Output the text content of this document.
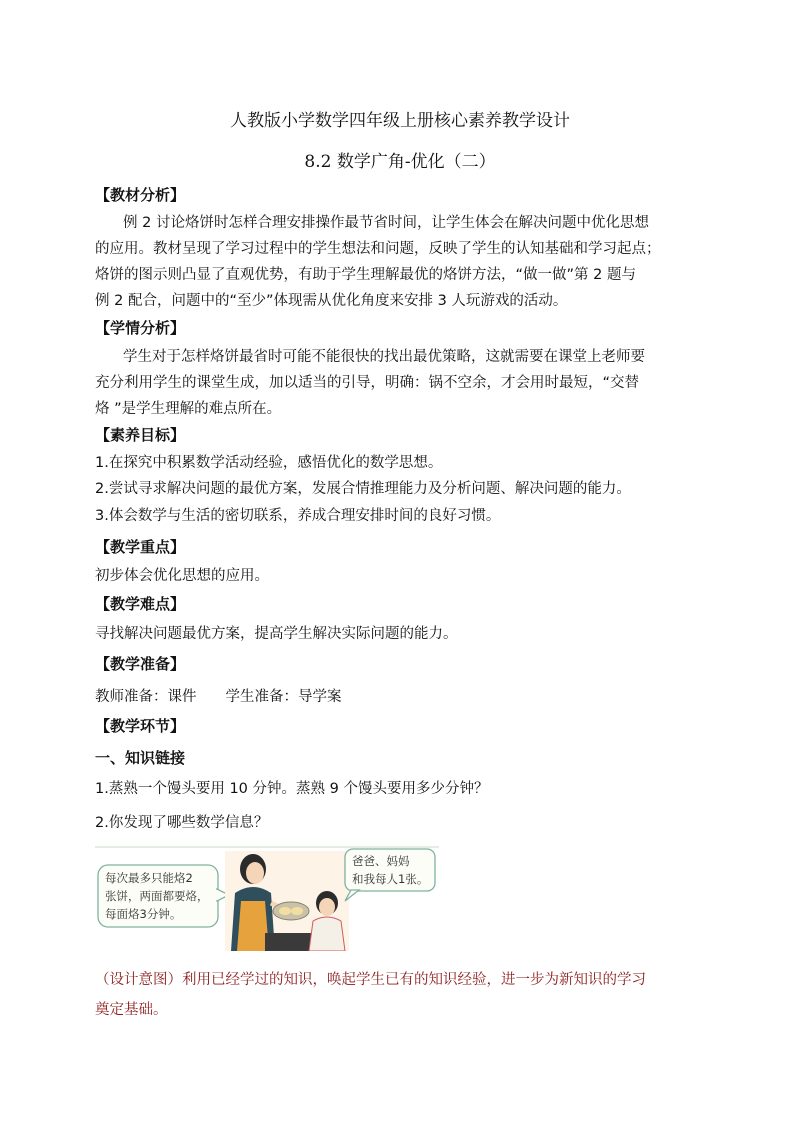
人教版小学数学四年级上册核心素养教学设计
8.2 数学广角-优化（二）
【教材分析】
例 2 讨论烙饼时怎样合理安排操作最节省时间，让学生体会在解决问题中优化思想
的应用。教材呈现了学习过程中的学生想法和问题，反映了学生的认知基础和学习起点；
烙饼的图示则凸显了直观优势，有助于学生理解最优的烙饼方法，“做一做”第 2 题与
例 2 配合，问题中的“至少”体现需从优化角度来安排 3 人玩游戏的活动。
【学情分析】
学生对于怎样烙饼最省时可能不能很快的找出最优策略，这就需要在课堂上老师要
充分利用学生的课堂生成，加以适当的引导，明确：锅不空余，才会用时最短，“交替
烙 ”是学生理解的难点所在。
【素养目标】
1.在探究中积累数学活动经验，感悟优化的数学思想。
2.尝试寻求解决问题的最优方案，发展合情推理能力及分析问题、解决问题的能力。
3.体会数学与生活的密切联系，养成合理安排时间的良好习惯。
【教学重点】
初步体会优化思想的应用。
【教学难点】
寻找解决问题最优方案，提高学生解决实际问题的能力。
【教学准备】
教师准备：课件　　学生准备：导学案
【教学环节】
一、知识链接
1.蒸熟一个馒头要用 10 分钟。蒸熟 9 个馒头要用多少分钟？
2.你发现了哪些数学信息？
每次最多只能烙2
张饼，两面都要烙，
每面烙3分钟。
爸爸、妈妈
和我每人1张。
（设计意图）利用已经学过的知识，唤起学生已有的知识经验，进一步为新知识的学习
奠定基础。
